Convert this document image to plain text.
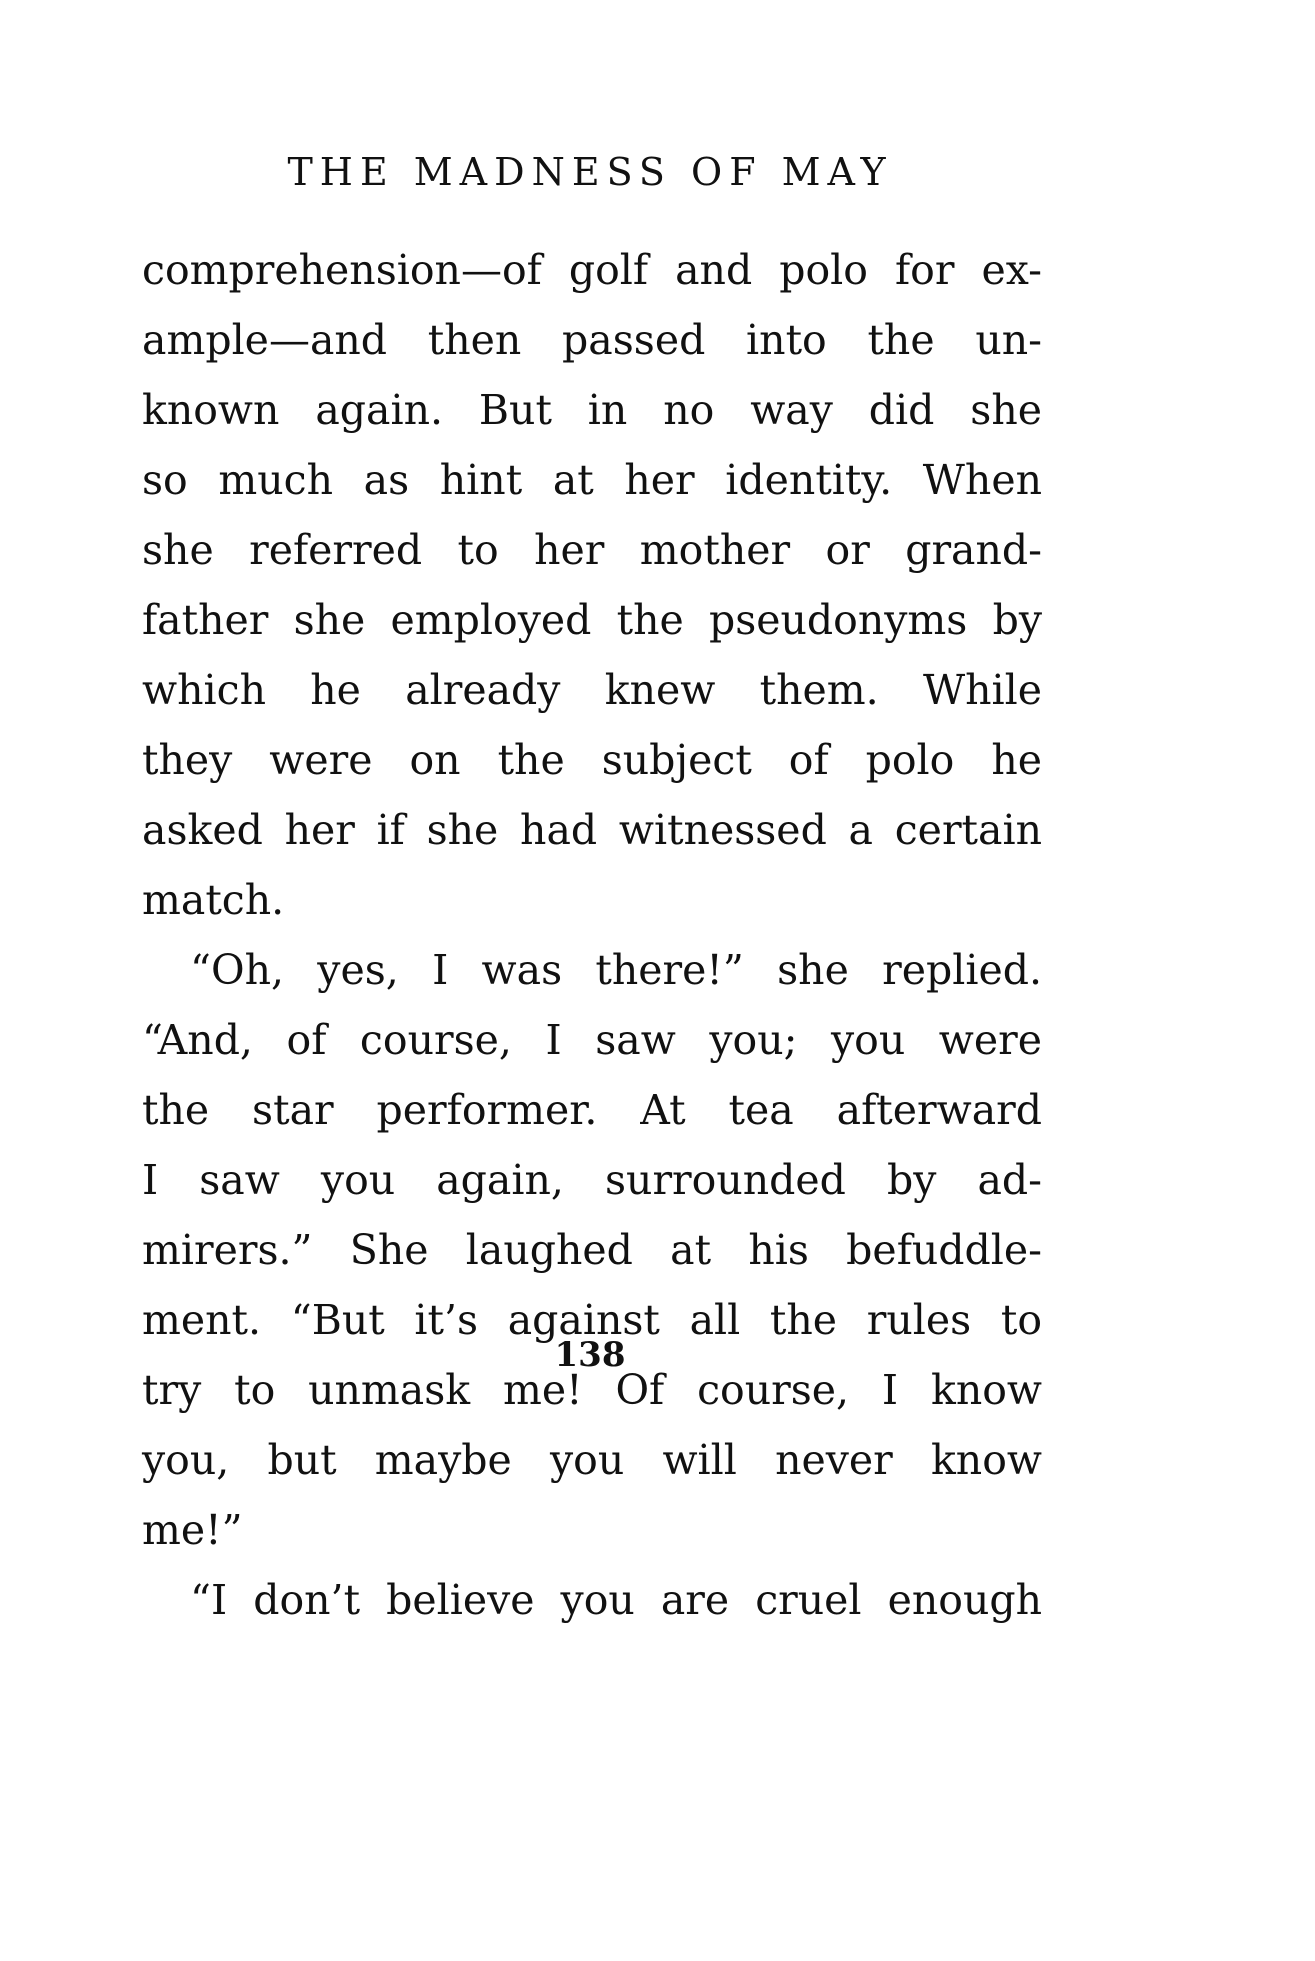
THE MADNESS OF MAY
comprehension—of golf and polo for ex-
ample—and then passed into the un-
known again. But in no way did she
so much as hint at her identity. When
she referred to her mother or grand-
father she employed the pseudonyms by
which he already knew them. While
they were on the subject of polo he
asked her if she had witnessed a certain
match.
“Oh, yes, I was there!” she replied.
“And, of course, I saw you; you were
the star performer. At tea afterward
I saw you again, surrounded by ad-
mirers.” She laughed at his befuddle-
ment. “But it’s against all the rules to
try to unmask me! Of course, I know
you, but maybe you will never know
me!”
“I don’t believe you are cruel enough
138
